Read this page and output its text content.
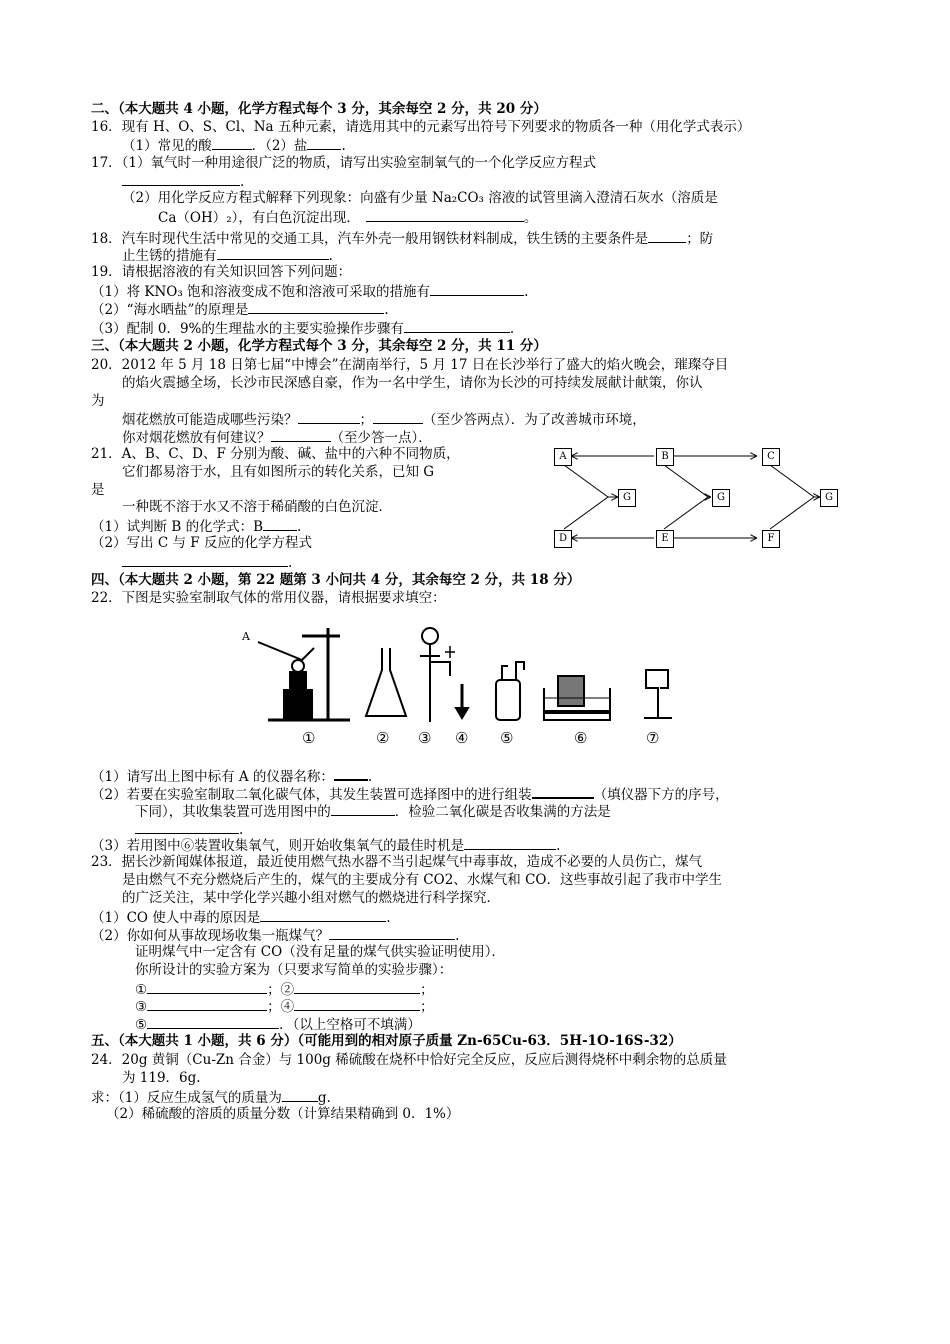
二、（本大题共 4 小题，化学方程式每个 3 分，其余每空 2 分，共 20 分）
16．现有 H、O、S、Cl、Na 五种元素，请选用其中的元素写出符号下列要求的物质各一种（用化学式表示）
（1）常见的酸	．（2）盐	.
17．（1）氧气时一种用途很广泛的物质，请写出实验室制氧气的一个化学反应方程式
.
（2）用化学反应方程式解释下列现象：向盛有少量 Na₂CO₃ 溶液的试管里滴入澄清石灰水（溶质是
Ca（OH）₂），有白色沉淀出现．	。
18．汽车时现代生活中常见的交通工具，汽车外壳一般用钢铁材料制成，铁生锈的主要条件是	；防
止生锈的措施有	.
19．请根据溶液的有关知识回答下列问题：
（1）将 KNO₃ 饱和溶液变成不饱和溶液可采取的措施有	.
（2）“海水晒盐”的原理是	.
（3）配制 0．9%的生理盐水的主要实验操作步骤有	.
三、（本大题共 2 小题，化学方程式每个 3 分，其余每空 2 分，共 11 分）
20．2012 年 5 月 18 日第七届“中博会”在湖南举行，5 月 17 日在长沙举行了盛大的焰火晚会，璀璨夺目
的焰火震撼全场，长沙市民深感自豪，作为一名中学生，请你为长沙的可持续发展献计献策，你认
为
烟花燃放可能造成哪些污染？	；	（至少答两点）．为了改善城市环境，
你对烟花燃放有何建议？	（至少答一点）．
21．A、B、C、D、F 分别为酸、碱、盐中的六种不同物质，
它们都易溶于水，且有如图所示的转化关系，已知 G
是
一种既不溶于水又不溶于稀硝酸的白色沉淀．
（1）试判断 B 的化学式：B	.
（2）写出 C 与 F 反应的化学方程式
.
A	B	C
D	E	F
G	G	G
四、（本大题共 2 小题，第 22 题第 3 小问共 4 分，其余每空 2 分，共 18 分）
22．下图是实验室制取气体的常用仪器，请根据要求填空：
A
①	② ③ ④ ⑤	⑥	⑦
（1）请写出上图中标有 A 的仪器名称：	.
（2）若要在实验室制取二氧化碳气体，其发生装置可选择图中的进行组装	（填仪器下方的序号，
下同），其收集装置可选用图中的	．检验二氧化碳是否收集满的方法是
.
（3）若用图中⑥装置收集氧气，则开始收集氧气的最佳时机是	.
23．据长沙新闻媒体报道，最近使用燃气热水器不当引起煤气中毒事故，造成不必要的人员伤亡，煤气
是由燃气不充分燃烧后产生的，煤气的主要成分有 CO2、水煤气和 CO．这些事故引起了我市中学生
的广泛关注，某中学化学兴趣小组对燃气的燃烧进行科学探究．
（1）CO 使人中毒的原因是	.
（2）你如何从事故现场收集一瓶煤气？	.
证明煤气中一定含有 CO（没有足量的煤气供实验证明使用）．
你所设计的实验方案为（只要求写简单的实验步骤）：
①	；②	；
③	；④	；
⑤	．（以上空格可不填满）
五、（本大题共 1 小题，共 6 分）（可能用到的相对原子质量 Zn-65Cu-63．5H-1O-16S-32）
24．20g 黄铜（Cu-Zn 合金）与 100g 稀硫酸在烧杯中恰好完全反应，反应后测得烧杯中剩余物的总质量
为 119．6g.
求：（1）反应生成氢气的质量为	g.
（2）稀硫酸的溶质的质量分数（计算结果精确到 0．1%）
